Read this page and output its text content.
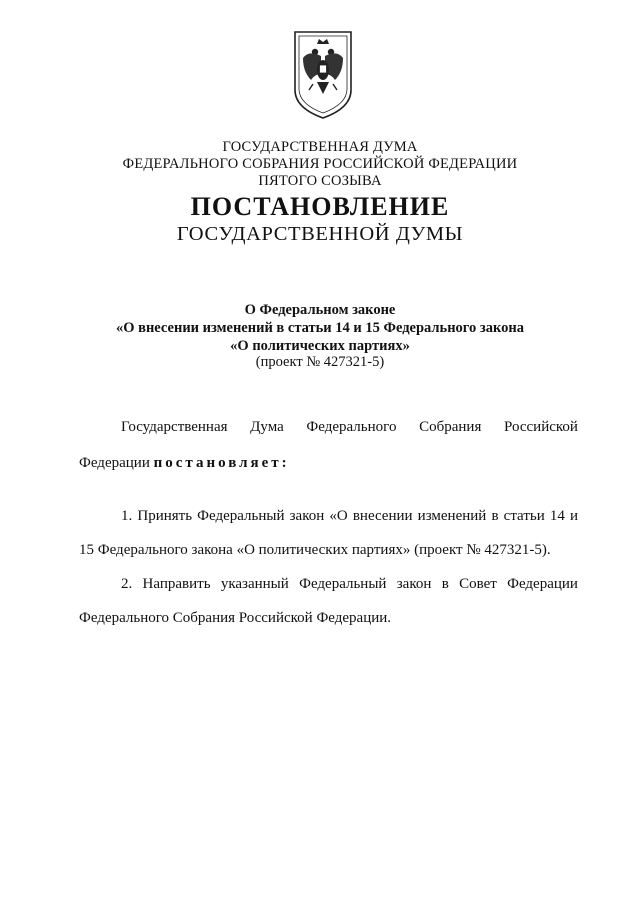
ГОСУДАРСТВЕННАЯ ДУМА
ФЕДЕРАЛЬНОГО СОБРАНИЯ РОССИЙСКОЙ ФЕДЕРАЦИИ
ПЯТОГО СОЗЫВА
ПОСТАНОВЛЕНИЕ
ГОСУДАРСТВЕННОЙ ДУМЫ
О Федеральном законе
«О внесении изменений в статьи 14 и 15 Федерального закона
«О политических партиях»
(проект № 427321-5)
Государственная Дума Федерального Собрания Российской
Федерации постановляет:
1. Принять Федеральный закон «О внесении изменений в статьи 14 и
15 Федерального закона «О политических партиях» (проект № 427321-5).
2. Направить указанный Федеральный закон в Совет Федерации
Федерального Собрания Российской Федерации.
